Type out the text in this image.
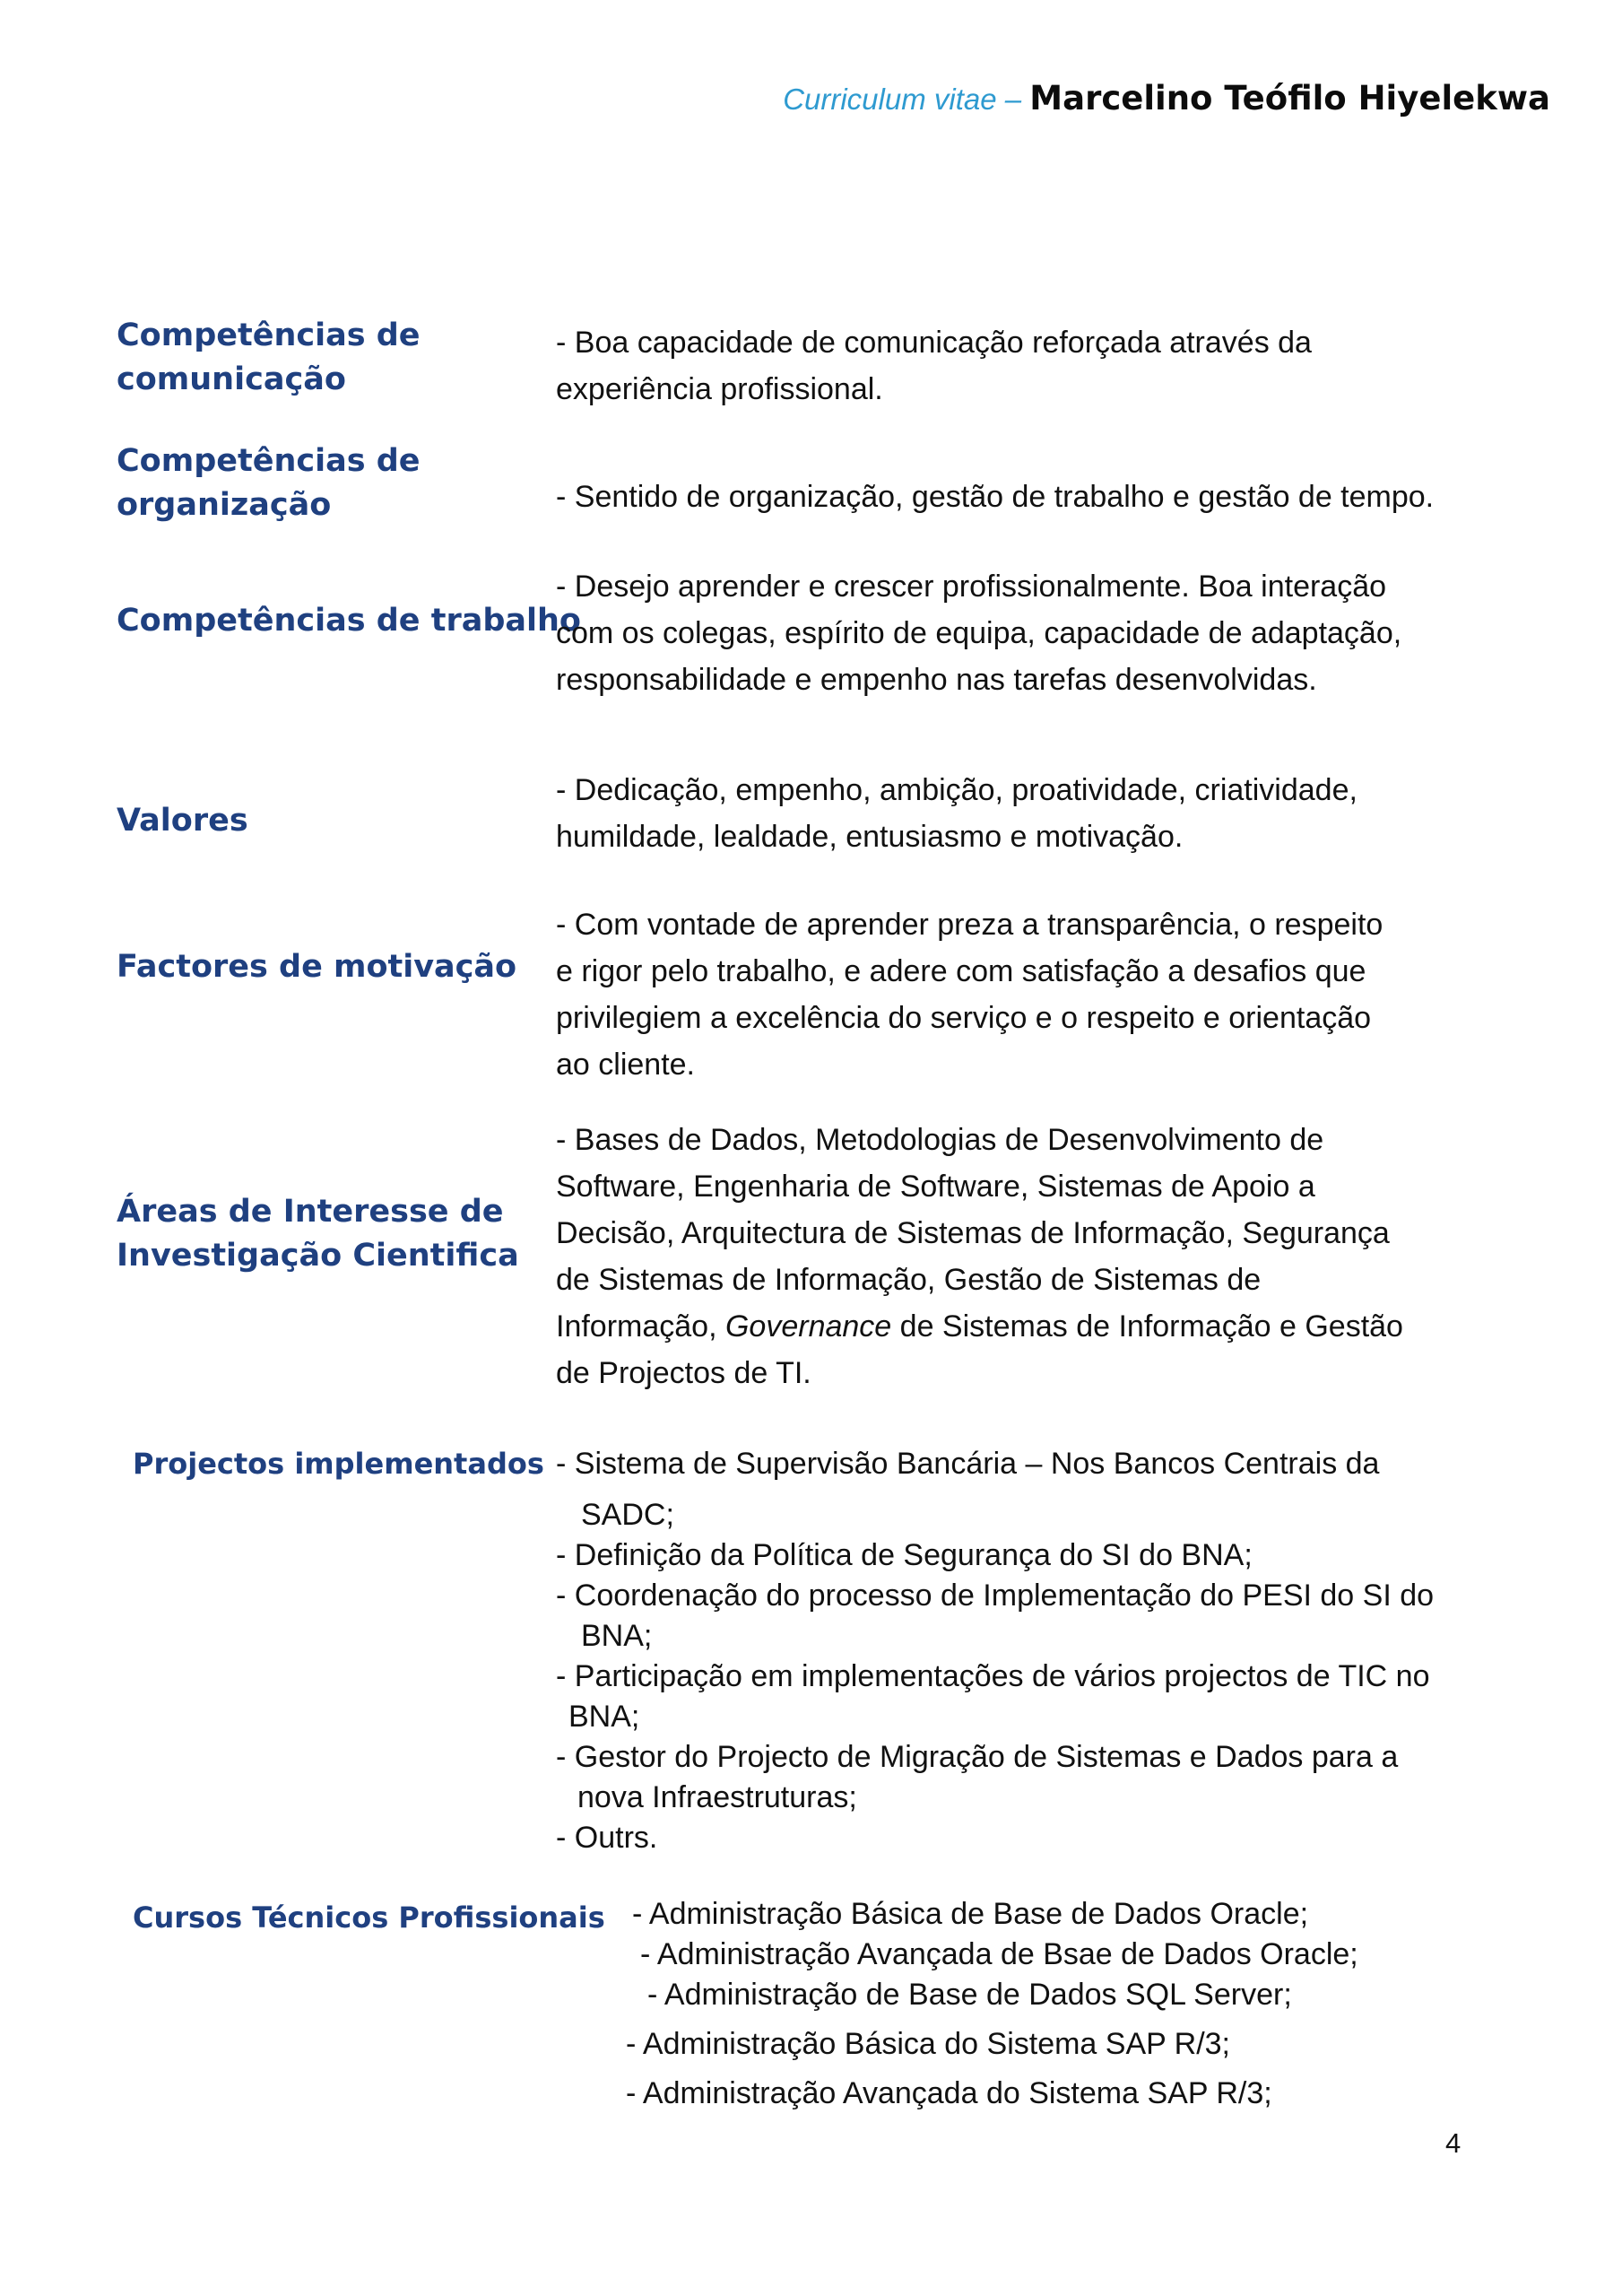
Curriculum vitae – Marcelino Teófilo Hiyelekwa
Competências de
comunicação
- Boa capacidade de comunicação reforçada através da
experiência profissional.
Competências de
organização	- Sentido de organização, gestão de trabalho e gestão de tempo.
Competências de trabalho
- Desejo aprender e crescer profissionalmente. Boa interação
com os colegas, espírito de equipa, capacidade de adaptação,
responsabilidade e empenho nas tarefas desenvolvidas.
Valores
- Dedicação, empenho, ambição, proatividade, criatividade,
humildade, lealdade, entusiasmo e motivação.
Factores de motivação
- Com vontade de aprender preza a transparência, o respeito
e rigor pelo trabalho, e adere com satisfação a desafios que
privilegiem a excelência do serviço e o respeito e orientação
ao cliente.
Áreas de Interesse de
Investigação Cientifica
- Bases de Dados, Metodologias de Desenvolvimento de
Software, Engenharia de Software, Sistemas de Apoio a
Decisão, Arquitectura de Sistemas de Informação, Segurança
de Sistemas de Informação, Gestão de Sistemas de
Informação, Governance de Sistemas de Informação e Gestão
de Projectos de TI.
Projectos implementados - Sistema de Supervisão Bancária – Nos Bancos Centrais da
SADC;
- Definição da Política de Segurança do SI do BNA;
- Coordenação do processo de Implementação do PESI do SI do
BNA;
- Participação em implementações de vários projectos de TIC no
BNA;
- Gestor do Projecto de Migração de Sistemas e Dados para a
nova Infraestruturas;
- Outrs.
Cursos Técnicos Profissionais - Administração Básica de Base de Dados Oracle;
- Administração Avançada de Bsae de Dados Oracle;
- Administração de Base de Dados SQL Server;
- Administração Básica do Sistema SAP R/3;
- Administração Avançada do Sistema SAP R/3;
4
